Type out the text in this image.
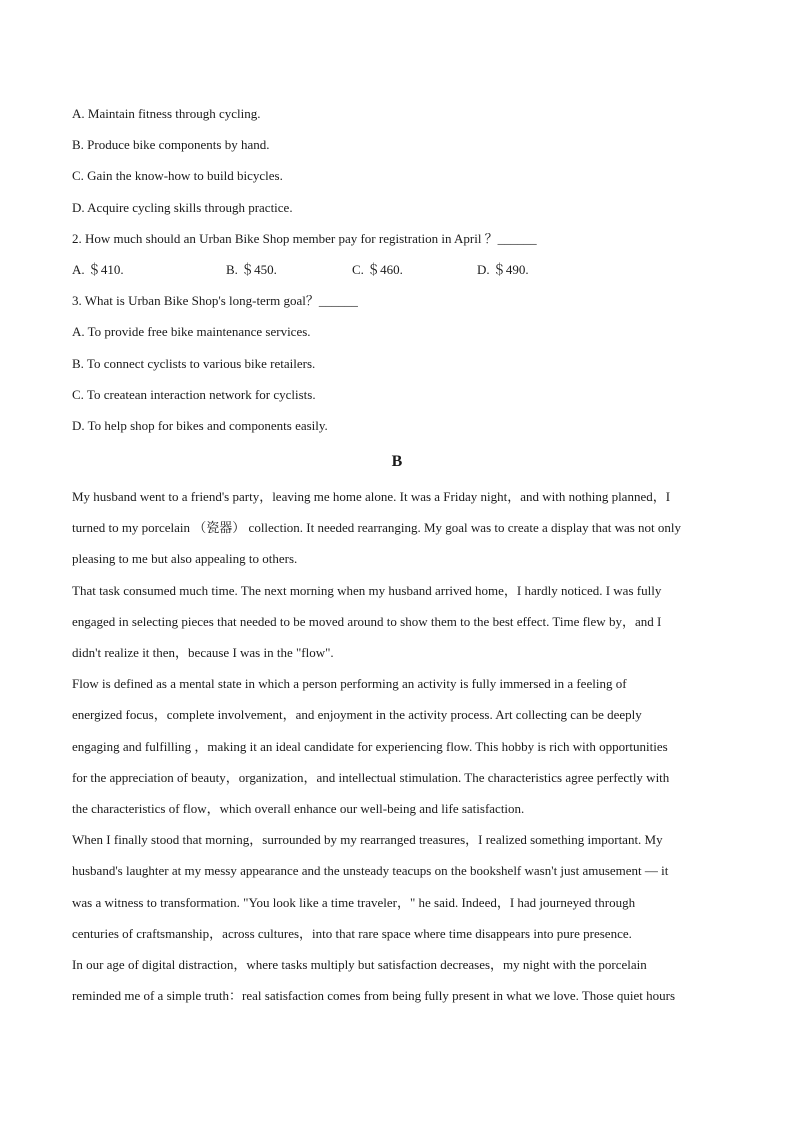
A. Maintain fitness through cycling.
B. Produce bike components by hand.
C. Gain the know-how to build bicycles.
D. Acquire cycling skills through practice.
2. How much should an Urban Bike Shop member pay for registration in April ？______
A. ＄410.	B. ＄450.	C. ＄460.	D. ＄490.
3. What is Urban Bike Shop's long-term goal？______
A. To provide free bike maintenance services.
B. To connect cyclists to various bike retailers.
C. To createan interaction network for cyclists.
D. To help shop for bikes and components easily.
B
My husband went to a friend's party，leaving me home alone. It was a Friday night，and with nothing planned，I
turned to my porcelain （瓷器） collection. It needed rearranging. My goal was to create a display that was not only
pleasing to me but also appealing to others.
That task consumed much time. The next morning when my husband arrived home，I hardly noticed. I was fully
engaged in selecting pieces that needed to be moved around to show them to the best effect. Time flew by，and I
didn't realize it then，because I was in the "flow".
Flow is defined as a mental state in which a person performing an activity is fully immersed in a feeling of
energized focus，complete involvement，and enjoyment in the activity process. Art collecting can be deeply
engaging and fulfilling ，making it an ideal candidate for experiencing flow. This hobby is rich with opportunities
for the appreciation of beauty，organization，and intellectual stimulation. The characteristics agree perfectly with
the characteristics of flow，which overall enhance our well-being and life satisfaction.
When I finally stood that morning，surrounded by my rearranged treasures，I realized something important. My
husband's laughter at my messy appearance and the unsteady teacups on the bookshelf wasn't just amusement — it
was a witness to transformation. "You look like a time traveler，" he said. Indeed，I had journeyed through
centuries of craftsmanship，across cultures，into that rare space where time disappears into pure presence.
In our age of digital distraction，where tasks multiply but satisfaction decreases，my night with the porcelain
reminded me of a simple truth：real satisfaction comes from being fully present in what we love. Those quiet hours
